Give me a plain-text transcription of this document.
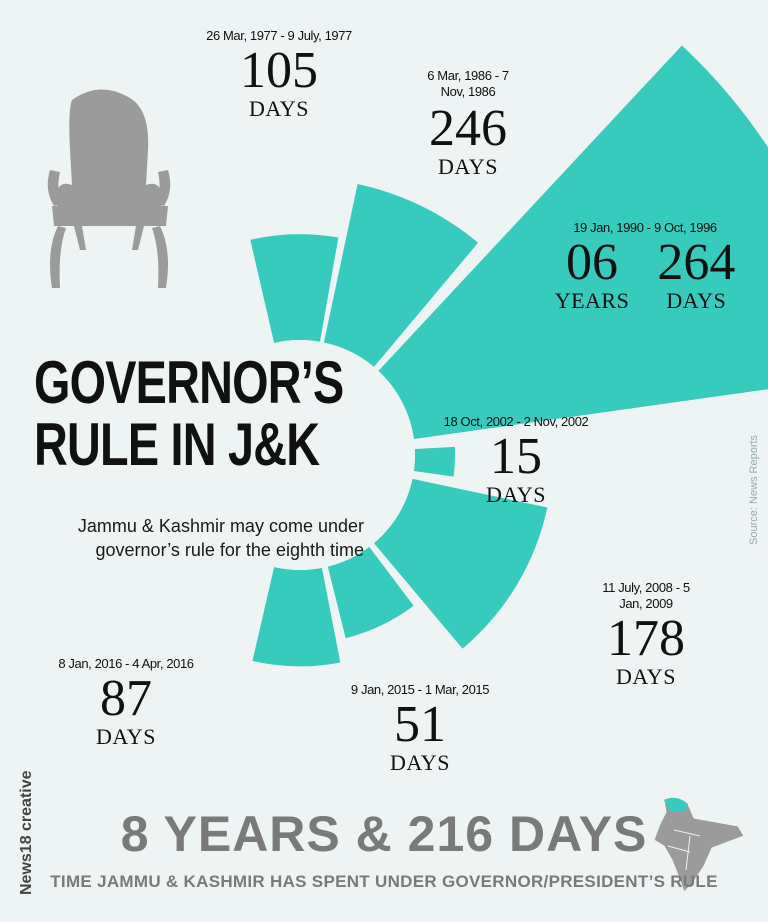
GOVERNOR’S
RULE IN J&K
Jammu & Kashmir may come under
governor’s rule for the eighth time
26 Mar, 1977 - 9 July, 1977
105
DAYS
6 Mar, 1986 - 7 Nov, 1986
246
DAYS
19 Jan, 1990 - 9 Oct, 1996
06
YEARS
264
DAYS
18 Oct, 2002 - 2 Nov, 2002
15
DAYS
11 July, 2008 - 5 Jan, 2009
178
DAYS
9 Jan, 2015 - 1 Mar, 2015
51
DAYS
8 Jan, 2016 - 4 Apr, 2016
87
DAYS
8 YEARS & 216 DAYS
TIME JAMMU & KASHMIR HAS SPENT UNDER GOVERNOR/PRESIDENT’S RULE
Source: News Reports
News18 creative
